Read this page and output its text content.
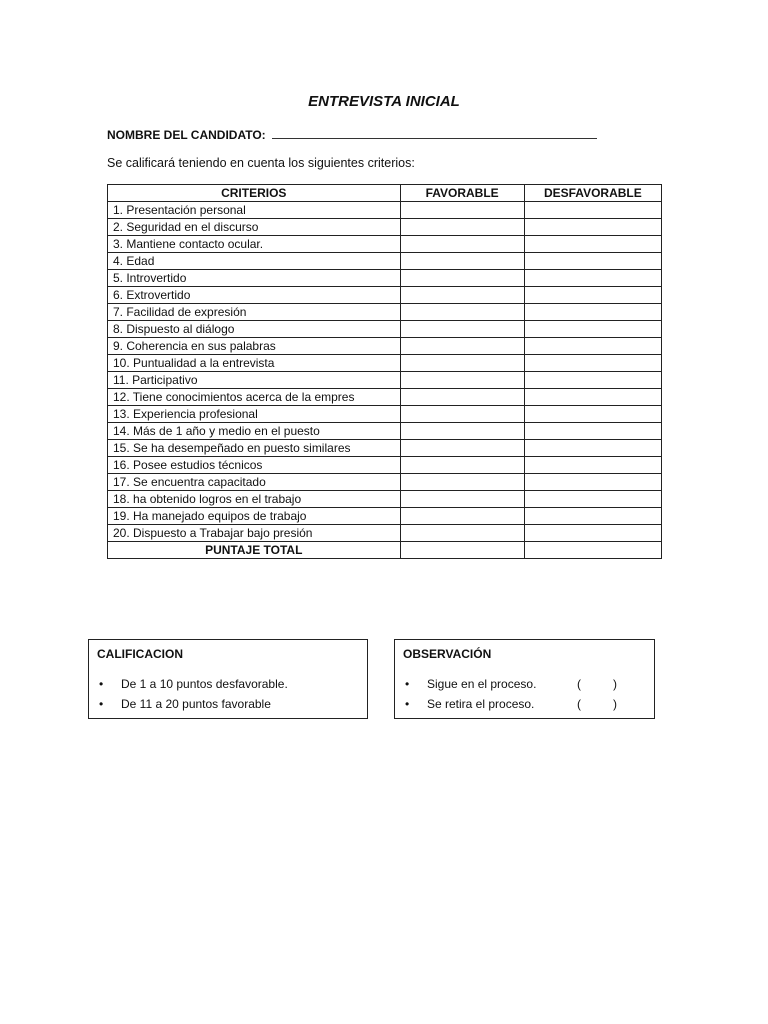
ENTREVISTA INICIAL
NOMBRE DEL CANDIDATO:
Se calificará teniendo en cuenta los siguientes criterios:
CRITERIOS	FAVORABLE	DESFAVORABLE
1. Presentación personal		
2. Seguridad en el discurso		
3. Mantiene contacto ocular.		
4. Edad		
5. Introvertido		
6. Extrovertido		
7. Facilidad de expresión		
8. Dispuesto al diálogo		
9. Coherencia en sus palabras		
10. Puntualidad a la entrevista		
11. Participativo		
12. Tiene conocimientos acerca de la empres		
13. Experiencia profesional		
14. Más de 1 año y medio en el puesto		
15. Se ha desempeñado en puesto similares		
16. Posee estudios técnicos		
17. Se encuentra capacitado		
18. ha obtenido logros en el trabajo		
19. Ha manejado equipos de trabajo		
20. Dispuesto a Trabajar bajo presión		
PUNTAJE TOTAL		
CALIFICACION
•	De 1 a 10 puntos desfavorable.
•	De 11 a 20 puntos favorable
OBSERVACIÓN
•	Sigue en el proceso.	(	)
•	Se retira el proceso.	(	)
